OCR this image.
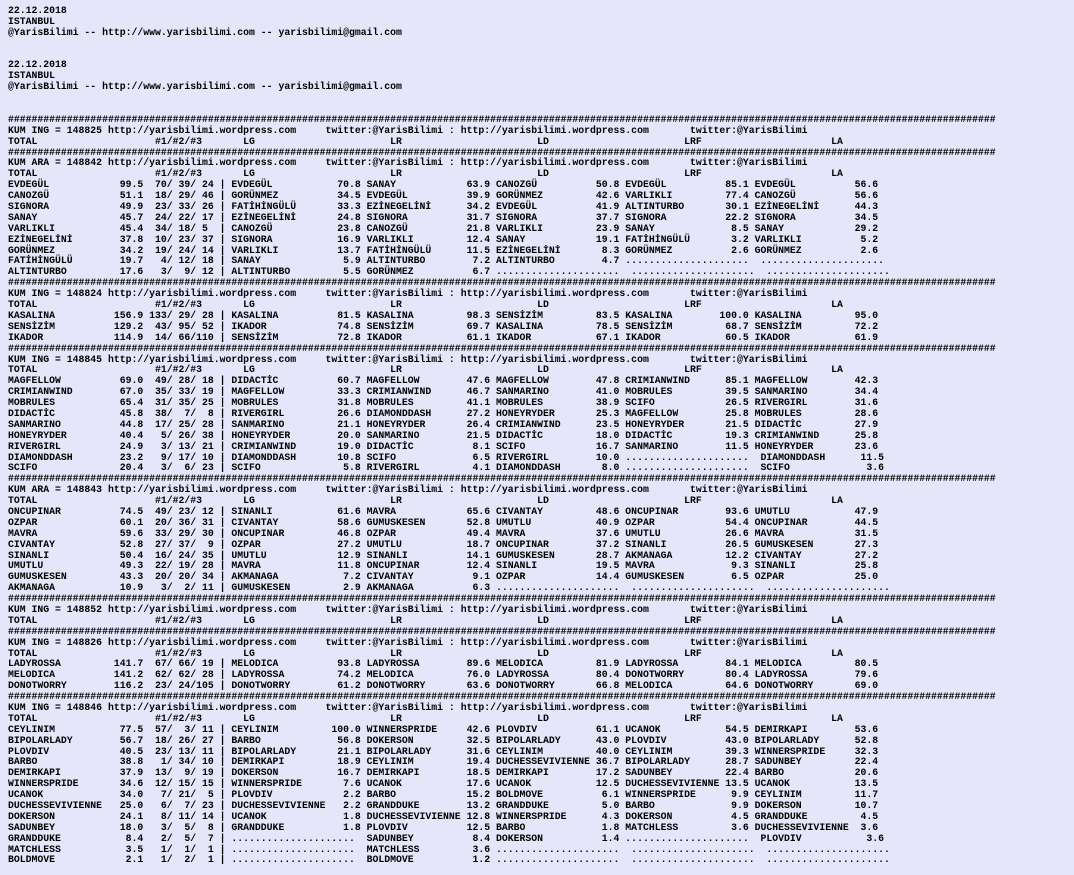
22.12.2018
ISTANBUL
@YarisBilimi -- http://www.yarisbilimi.com -- yarisbilimi@gmail.com
22.12.2018
ISTANBUL
@YarisBilimi -- http://www.yarisbilimi.com -- yarisbilimi@gmail.com
########################################################################################################################################################################
KUM ING = 148825 http://yarisbilimi.wordpress.com     twitter:@YarisBilimi : http://yarisbilimi.wordpress.com       twitter:@YarisBilimi
TOTAL                    #1/#2/#3       LG                       LR                       LD                       LRF                      LA
########################################################################################################################################################################
KUM ARA = 148842 http://yarisbilimi.wordpress.com     twitter:@YarisBilimi : http://yarisbilimi.wordpress.com       twitter:@YarisBilimi
TOTAL                    #1/#2/#3       LG                       LR                       LD                       LRF                      LA
EVDEGÜL            99.5  70/ 39/ 24 | EVDEGÜL           70.8 SANAY            63.9 CANOZGÜ          50.8 EVDEGÜL          85.1 EVDEGÜL          56.6
CANOZGÜ            51.1  18/ 29/ 46 | GORÜNMEZ          34.5 EVDEGÜL          39.9 GORÜNMEZ         42.6 VARLIKLI         77.4 CANOZGÜ          56.6
SIGNORA            49.9  23/ 33/ 26 | FATİHİNGÜLÜ       33.3 EZİNEGELİNİ      34.2 EVDEGÜL          41.9 ALTINTURBO       30.1 EZİNEGELİNİ      44.3
SANAY              45.7  24/ 22/ 17 | EZİNEGELİNİ       24.8 SIGNORA          31.7 SIGNORA          37.7 SIGNORA          22.2 SIGNORA          34.5
VARLIKLI           45.4  34/ 18/ 5  | CANOZGÜ           23.8 CANOZGÜ          21.8 VARLIKLI         23.9 SANAY             8.5 SANAY            29.2
EZİNEGELİNİ        37.8  10/ 23/ 37 | SIGNORA           16.9 VARLIKLI         12.4 SANAY            19.1 FATİHİNGÜLÜ       3.2 VARLIKLI          5.2
GORÜNMEZ           34.2  19/ 24/ 14 | VARLIKLI          13.7 FATİHİNGÜLÜ      11.5 EZİNEGELİNİ       8.3 GORÜNMEZ          2.6 GORÜNMEZ          2.6
FATİHİNGÜLÜ        19.7   4/ 12/ 18 | SANAY              5.9 ALTINTURBO        7.2 ALTINTURBO        4.7 .....................  .....................
ALTINTURBO         17.6   3/  9/ 12 | ALTINTURBO         5.5 GORÜNMEZ          6.7 .....................  .....................  .....................
########################################################################################################################################################################
KUM ING = 148824 http://yarisbilimi.wordpress.com     twitter:@YarisBilimi : http://yarisbilimi.wordpress.com       twitter:@YarisBilimi
TOTAL                    #1/#2/#3       LG                       LR                       LD                       LRF                      LA
KASALINA          156.9 133/ 29/ 28 | KASALINA          81.5 KASALINA         98.3 SENSİZİM         83.5 KASALINA        100.0 KASALINA         95.0
SENSİZİM          129.2  43/ 95/ 52 | IKADOR            74.8 SENSİZİM         69.7 KASALINA         78.5 SENSİZİM         68.7 SENSİZİM         72.2
IKADOR            114.9  14/ 66/110 | SENSİZİM          72.8 IKADOR           61.1 IKADOR           67.1 IKADOR           60.5 IKADOR           61.9
########################################################################################################################################################################
KUM ING = 148845 http://yarisbilimi.wordpress.com     twitter:@YarisBilimi : http://yarisbilimi.wordpress.com       twitter:@YarisBilimi
TOTAL                    #1/#2/#3       LG                       LR                       LD                       LRF                      LA
MAGFELLOW          69.0  49/ 28/ 18 | DIDACTİC          60.7 MAGFELLOW        47.6 MAGFELLOW        47.8 CRIMIANWIND      85.1 MAGFELLOW        42.3
CRIMIANWIND        67.0  35/ 33/ 19 | MAGFELLOW         33.3 CRIMIANWIND      46.7 SANMARINO        41.0 MOBRULES         39.5 SANMARINO        34.4
MOBRULES           65.4  31/ 35/ 25 | MOBRULES          31.8 MOBRULES         41.1 MOBRULES         38.9 SCIFO            26.5 RIVERGIRL        31.6
DIDACTİC           45.8  38/  7/  8 | RIVERGIRL         26.6 DIAMONDDASH      27.2 HONEYRYDER       25.3 MAGFELLOW        25.8 MOBRULES         28.6
SANMARINO          44.8  17/ 25/ 28 | SANMARINO         21.1 HONEYRYDER       26.4 CRIMIANWIND      23.5 HONEYRYDER       21.5 DIDACTİC         27.9
HONEYRYDER         40.4   5/ 26/ 38 | HONEYRYDER        20.0 SANMARINO        21.5 DIDACTİC         18.0 DIDACTİC         19.3 CRIMIANWIND      25.8
RIVERGIRL          24.9   3/ 13/ 21 | CRIMIANWIND       19.0 DIDACTİC          8.1 SCIFO            16.7 SANMARINO        11.5 HONEYRYDER       23.6
DIAMONDDASH        23.2   9/ 17/ 10 | DIAMONDDASH       10.8 SCIFO             6.5 RIVERGIRL        10.0 .....................  DIAMONDDASH      11.5
SCIFO              20.4   3/  6/ 23 | SCIFO              5.8 RIVERGIRL         4.1 DIAMONDDASH       8.0 .....................  SCIFO             3.6
########################################################################################################################################################################
KUM ARA = 148843 http://yarisbilimi.wordpress.com     twitter:@YarisBilimi : http://yarisbilimi.wordpress.com       twitter:@YarisBilimi
TOTAL                    #1/#2/#3       LG                       LR                       LD                       LRF                      LA
ONCUPINAR          74.5  49/ 23/ 12 | SINANLI           61.6 MAVRA            65.6 CIVANTAY         48.6 ONCUPINAR        93.6 UMUTLU           47.9
OZPAR              60.1  20/ 36/ 31 | CIVANTAY          58.6 GUMUSKESEN       52.8 UMUTLU           40.9 OZPAR            54.4 ONCUPINAR        44.5
MAVRA              59.6  33/ 29/ 30 | ONCUPINAR         46.8 OZPAR            49.4 MAVRA            37.6 UMUTLU           26.6 MAVRA            31.5
CIVANTAY           52.8  27/ 37/  9 | OZPAR             27.2 UMUTLU           18.7 ONCUPINAR        37.2 SINANLI          26.5 GUMUSKESEN       27.3
SINANLI            50.4  16/ 24/ 35 | UMUTLU            12.9 SINANLI          14.1 GUMUSKESEN       28.7 AKMANAGA         12.2 CIVANTAY         27.2
UMUTLU             49.3  22/ 19/ 28 | MAVRA             11.8 ONCUPINAR        12.4 SINANLI          19.5 MAVRA             9.3 SINANLI          25.8
GUMUSKESEN         43.3  20/ 20/ 34 | AKMANAGA           7.2 CIVANTAY          9.1 OZPAR            14.4 GUMUSKESEN        6.5 OZPAR            25.0
AKMANAGA           10.9   3/  2/ 11 | GUMUSKESEN         2.9 AKMANAGA          6.3 .....................  .....................  .....................
########################################################################################################################################################################
KUM ING = 148852 http://yarisbilimi.wordpress.com     twitter:@YarisBilimi : http://yarisbilimi.wordpress.com       twitter:@YarisBilimi
TOTAL                    #1/#2/#3       LG                       LR                       LD                       LRF                      LA
########################################################################################################################################################################
KUM ING = 148826 http://yarisbilimi.wordpress.com     twitter:@YarisBilimi : http://yarisbilimi.wordpress.com       twitter:@YarisBilimi
TOTAL                    #1/#2/#3       LG                       LR                       LD                       LRF                      LA
LADYROSSA         141.7  67/ 66/ 19 | MELODICA          93.8 LADYROSSA        89.6 MELODICA         81.9 LADYROSSA        84.1 MELODICA         80.5
MELODICA          141.2  62/ 62/ 28 | LADYROSSA         74.2 MELODICA         76.0 LADYROSSA        80.4 DONOTWORRY       80.4 LADYROSSA        79.6
DONOTWORRY        116.2  23/ 24/105 | DONOTWORRY        61.2 DONOTWORRY       63.6 DONOTWORRY       66.8 MELODICA         64.6 DONOTWORRY       69.0
########################################################################################################################################################################
KUM ING = 148846 http://yarisbilimi.wordpress.com     twitter:@YarisBilimi : http://yarisbilimi.wordpress.com       twitter:@YarisBilimi
TOTAL                    #1/#2/#3       LG                       LR                       LD                       LRF                      LA
CEYLINIM           77.5  57/  3/ 11 | CEYLINIM         100.0 WINNERSPRIDE     42.6 PLOVDIV          61.1 UCANOK           54.5 DEMIRKAPI        53.6
BIPOLARLADY        56.7  18/ 26/ 27 | BARBO             56.8 DOKERSON         32.5 BIPOLARLADY      43.0 PLOVDIV          43.0 BIPOLARLADY      52.8
PLOVDIV            40.5  23/ 13/ 11 | BIPOLARLADY       21.1 BIPOLARLADY      31.6 CEYLINIM         40.0 CEYLINIM         39.3 WINNERSPRIDE     32.3
BARBO              38.8   1/ 34/ 10 | DEMIRKAPI         18.9 CEYLINIM         19.4 DUCHESSEVIVIENNE 36.7 BIPOLARLADY      28.7 SADUNBEY         22.4
DEMIRKAPI          37.9  13/  9/ 19 | DOKERSON          16.7 DEMIRKAPI        18.5 DEMIRKAPI        17.2 SADUNBEY         22.4 BARBO            20.6
WINNERSPRIDE       34.6  12/ 15/ 15 | WINNERSPRIDE       7.6 UCANOK           17.6 UCANOK           12.5 DUCHESSEVIVIENNE 13.5 UCANOK           13.5
UCANOK             34.0   7/ 21/  5 | PLOVDIV            2.2 BARBO            15.2 BOLDMOVE          6.1 WINNERSPRIDE      9.9 CEYLINIM         11.7
DUCHESSEVIVIENNE   25.0   6/  7/ 23 | DUCHESSEVIVIENNE   2.2 GRANDDUKE        13.2 GRANDDUKE         5.0 BARBO             9.9 DOKERSON         10.7
DOKERSON           24.1   8/ 11/ 14 | UCANOK             1.8 DUCHESSEVIVIENNE 12.8 WINNERSPRIDE      4.3 DOKERSON          4.5 GRANDDUKE         4.5
SADUNBEY           18.0   3/  5/  8 | GRANDDUKE          1.8 PLOVDIV          12.5 BARBO             1.8 MATCHLESS         3.6 DUCHESSEVIVIENNE  3.6
GRANDDUKE           8.4   2/  5/  7 | .....................  SADUNBEY          8.4 DOKERSON          1.4 .....................  PLOVDIV           3.6
MATCHLESS           3.5   1/  1/  1 | .....................  MATCHLESS         3.6 .....................  .....................  .....................
BOLDMOVE            2.1   1/  2/  1 | .....................  BOLDMOVE          1.2 .....................  .....................  .....................
